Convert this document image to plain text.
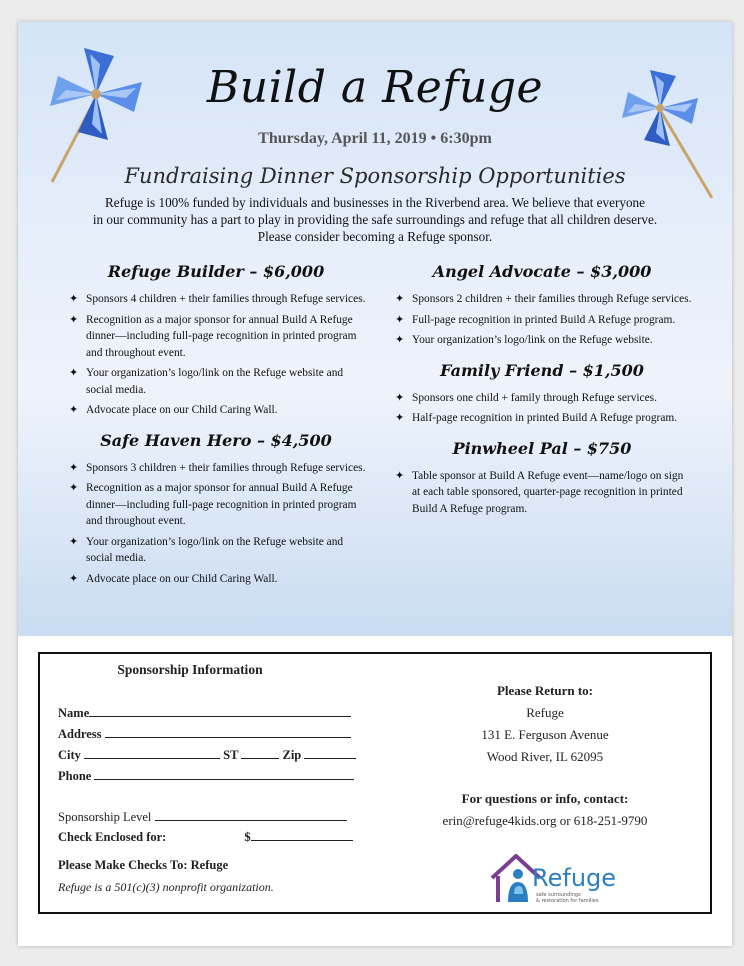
Build a Refuge
Thursday, April 11, 2019 • 6:30pm
Fundraising Dinner Sponsorship Opportunities
Refuge is 100% funded by individuals and businesses in the Riverbend area. We believe that everyone
in our community has a part to play in providing the safe surroundings and refuge that all children deserve.
Please consider becoming a Refuge sponsor.
Refuge Builder – $6,000
✦ Sponsors 4 children + their families through Refuge services.
✦ Recognition as a major sponsor for annual Build A Refuge dinner—including full-page recognition in printed program and throughout event.
✦ Your organization’s logo/link on the Refuge website and social media.
✦ Advocate place on our Child Caring Wall.
Safe Haven Hero – $4,500
✦ Sponsors 3 children + their families through Refuge services.
✦ Recognition as a major sponsor for annual Build A Refuge dinner—including full-page recognition in printed program and throughout event.
✦ Your organization’s logo/link on the Refuge website and social media.
✦ Advocate place on our Child Caring Wall.
Angel Advocate – $3,000
✦ Sponsors 2 children + their families through Refuge services.
✦ Full-page recognition in printed Build A Refuge program.
✦ Your organization’s logo/link on the Refuge website.
Family Friend – $1,500
✦ Sponsors one child + family through Refuge services.
✦ Half-page recognition in printed Build A Refuge program.
Pinwheel Pal – $750
✦ Table sponsor at Build A Refuge event—name/logo on sign at each table sponsored, quarter-page recognition in printed Build A Refuge program.
Sponsorship Information
Name
Address
City	ST	Zip
Phone
Sponsorship Level
Check Enclosed for:	$
Please Make Checks To: Refuge
Refuge is a 501(c)(3) nonprofit organization.
Please Return to:
Refuge
131 E. Ferguson Avenue
Wood River, IL 62095
For questions or info, contact:
erin@refuge4kids.org or 618-251-9790
Refuge
safe surroundings
& restoration for families
